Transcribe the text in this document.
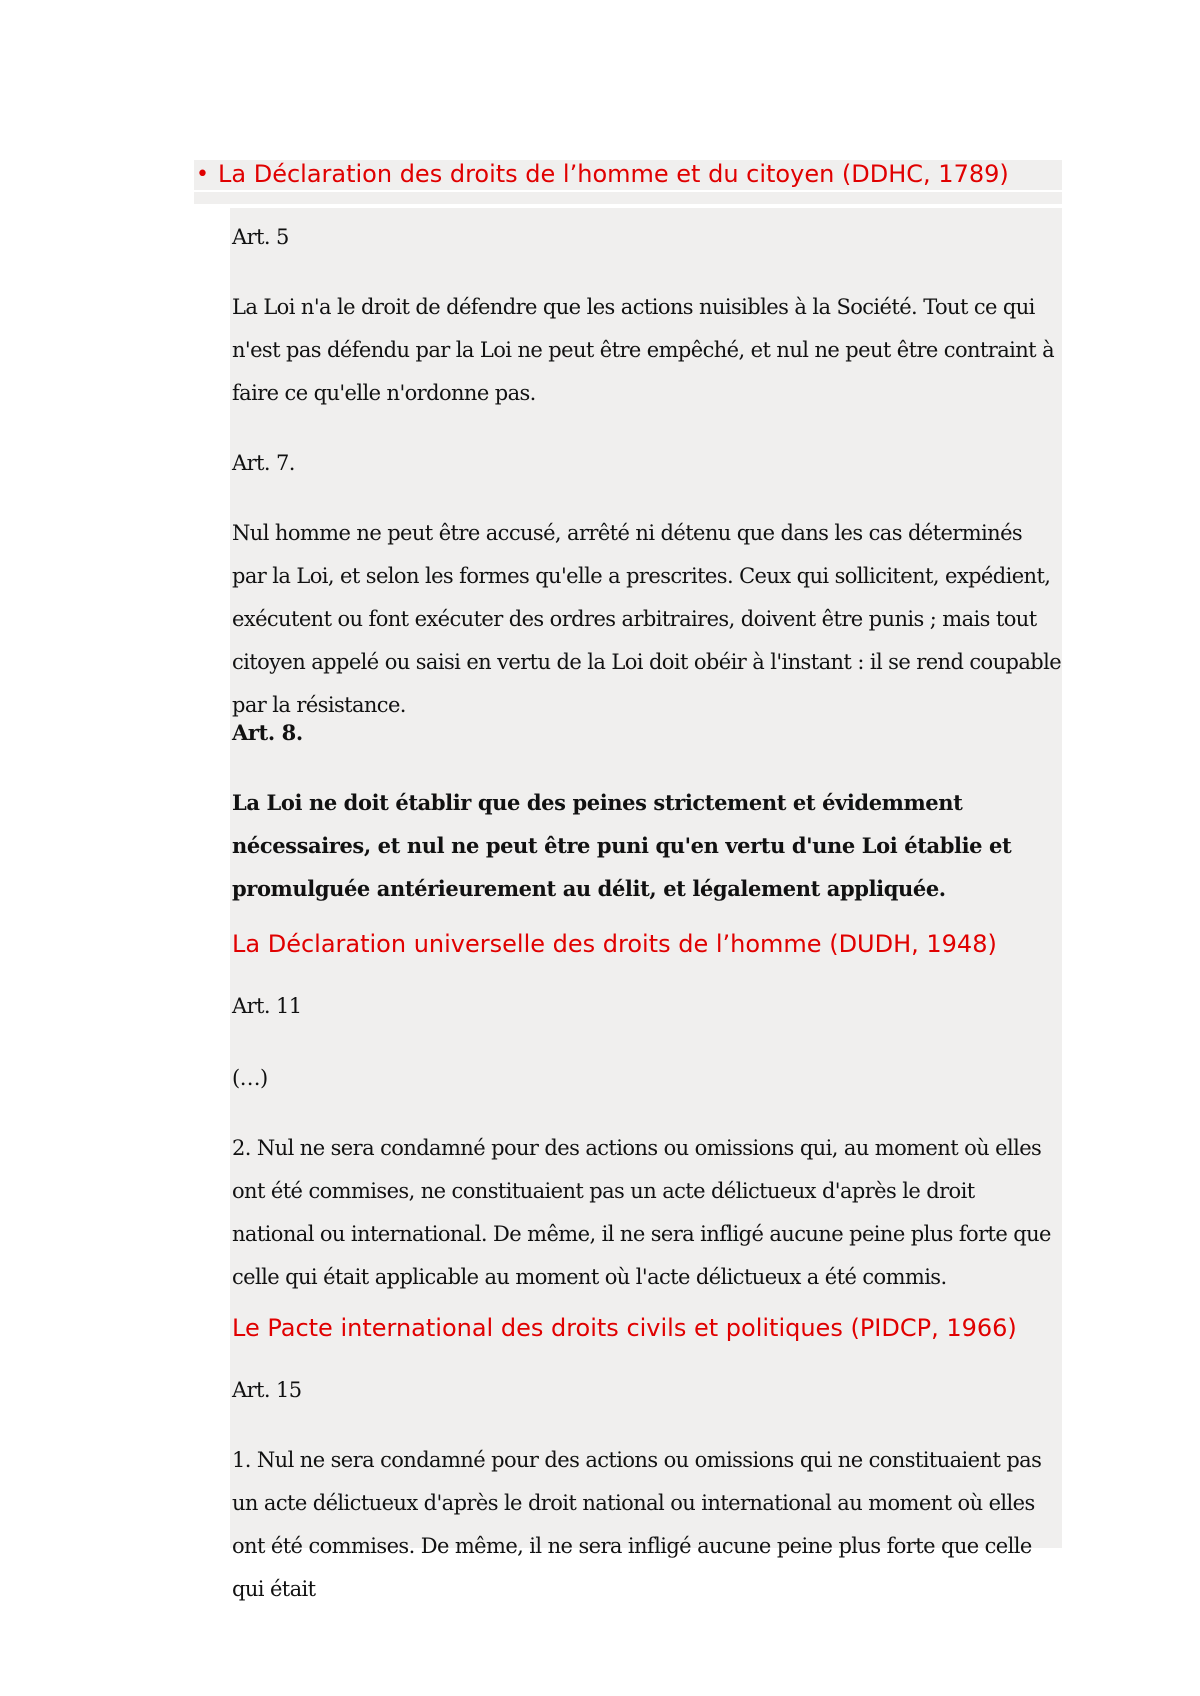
La Déclaration des droits de l’homme et du citoyen (DDHC, 1789)

Art. 5

La Loi n'a le droit de défendre que les actions nuisibles à la Société. Tout ce qui n'est pas défendu par la Loi ne peut être empêché, et nul ne peut être contraint à faire ce qu'elle n'ordonne pas.

Art. 7.

Nul homme ne peut être accusé, arrêté ni détenu que dans les cas déterminés par la Loi, et selon les formes qu'elle a prescrites. Ceux qui sollicitent, expédient, exécutent ou font exécuter des ordres arbitraires, doivent être punis ; mais tout citoyen appelé ou saisi en vertu de la Loi doit obéir à l'instant : il se rend coupable par la résistance.

Art. 8.

La Loi ne doit établir que des peines strictement et évidemment nécessaires, et nul ne peut être puni qu'en vertu d'une Loi établie et promulguée antérieurement au délit, et légalement appliquée.

La Déclaration universelle des droits de l’homme (DUDH, 1948)

Art. 11

(…)

2. Nul ne sera condamné pour des actions ou omissions qui, au moment où elles ont été commises, ne constituaient pas un acte délictueux d'après le droit national ou international. De même, il ne sera infligé aucune peine plus forte que celle qui était applicable au moment où l'acte délictueux a été commis.

Le Pacte international des droits civils et politiques (PIDCP, 1966)

Art. 15

1. Nul ne sera condamné pour des actions ou omissions qui ne constituaient pas un acte délictueux d'après le droit national ou international au moment où elles ont été commises. De même, il ne sera infligé aucune peine plus forte que celle qui était
